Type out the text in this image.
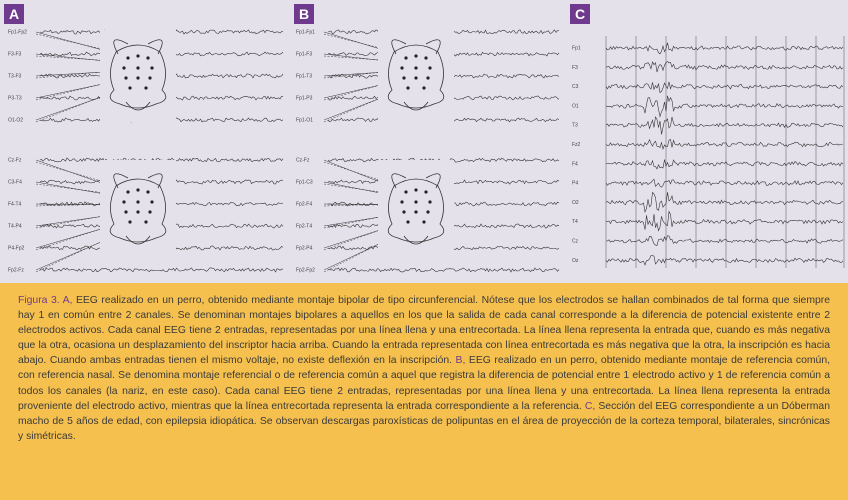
Fp1-Fp2
F3-F3
T3-F3
P3-T3
O1-O2
Cz-Fz
C3-F4
F4-T4
T4-P4
P4-Fp2
Fp2-Fz
A
Fp1-Fp1
Fp1-F3
Fp1-T3
Fp1-P3
Fp1-O1
Cz-Fz
Fp1-C3
Fp2-F4
Fp2-T4
Fp2-P4
Fp2-Fp2
B
Fp1
F3
C3
O1
T3
Fz2
F4
P4
O2
T4
Cz
Oz
C

Figura 3. A, EEG realizado en un perro, obtenido mediante montaje bipolar de tipo circunferencial. Nótese que los electrodos se hallan combinados de tal forma que siempre hay 1 en común entre 2 canales. Se denominan montajes bipolares a aquellos en los que la salida de cada canal corresponde a la diferencia de potencial existente entre 2 electrodos activos. Cada canal EEG tiene 2 entradas, representadas por una línea llena y una entrecortada. La línea llena representa la entrada que, cuando es más negativa que la otra, ocasiona un desplazamiento del inscriptor hacia arriba. Cuando la entrada representada con línea entrecortada es más negativa que la otra, la inscripción es hacia abajo. Cuando ambas entradas tienen el mismo voltaje, no existe deflexión en la inscripción. B, EEG realizado en un perro, obtenido mediante montaje de referencia común, con referencia nasal. Se denomina montaje referencial o de referencia común a aquel que registra la diferencia de potencial entre 1 electrodo activo y 1 de referencia común a todos los canales (la nariz, en este caso). Cada canal EEG tiene 2 entradas, representadas por una línea llena y una entrecortada. La línea llena representa la entrada proveniente del electrodo activo, mientras que la línea entrecortada representa la entrada correspondiente a la referencia. C, Sección del EEG correspondiente a un Dóberman macho de 5 años de edad, con epilepsia idiopática. Se observan descargas paroxísticas de polipuntas en el área de proyección de la corteza temporal, bilaterales, sincrónicas y simétricas.
